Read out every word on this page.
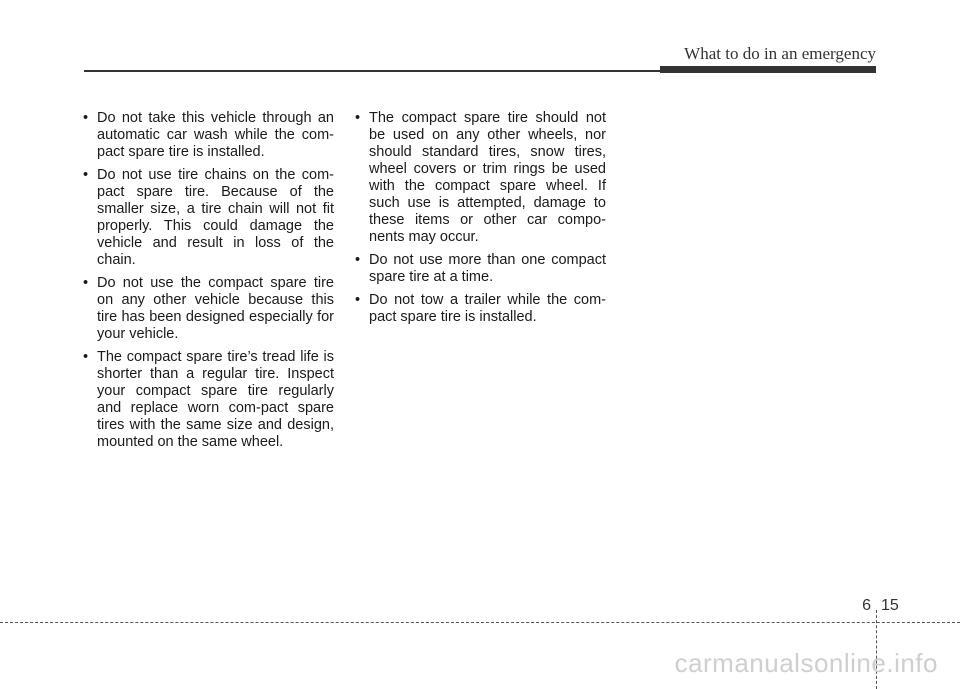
What to do in an emergency
• Do not take this vehicle through an automatic car wash while the com-pact spare tire is installed.
• Do not use tire chains on the com-pact spare tire. Because of the smaller size, a tire chain will not fit properly. This could damage the vehicle and result in loss of the chain.
• Do not use the compact spare tire on any other vehicle because this tire has been designed especially for your vehicle.
• The compact spare tire’s tread life is shorter than a regular tire. Inspect your compact spare tire regularly and replace worn com-pact spare tires with the same size and design, mounted on the same wheel.
• The compact spare tire should not be used on any other wheels, nor should standard tires, snow tires, wheel covers or trim rings be used with the compact spare wheel. If such use is attempted, damage to these items or other car compo-nents may occur.
• Do not use more than one compact spare tire at a time.
• Do not tow a trailer while the com-pact spare tire is installed.
6 15
carmanualsonline.info
